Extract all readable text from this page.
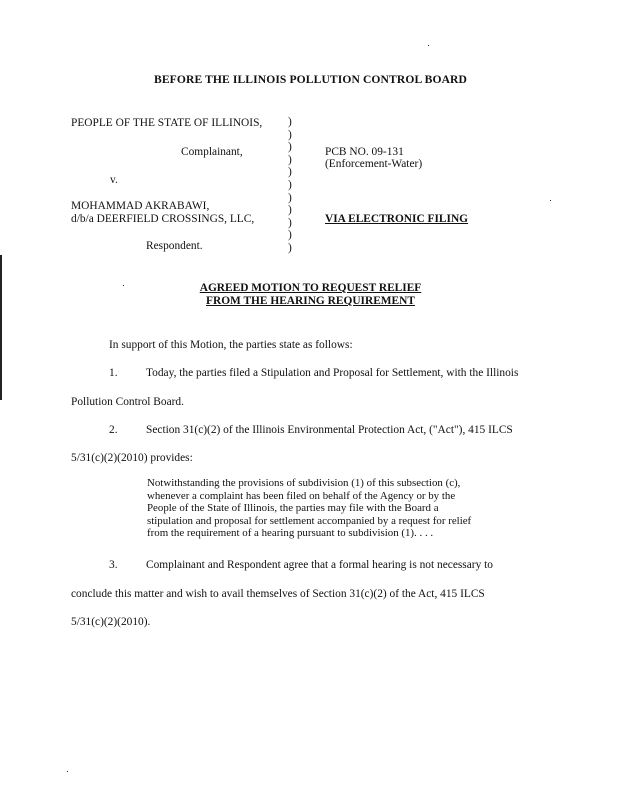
BEFORE THE ILLINOIS POLLUTION CONTROL BOARD
PEOPLE OF THE STATE OF ILLINOIS,
Complainant,
v.
MOHAMMAD AKRABAWI,
d/b/a DEERFIELD CROSSINGS, LLC,
Respondent.
)
)
)
)
)
)
)
)
)
)
)
PCB NO. 09-131
(Enforcement-Water)
VIA ELECTRONIC FILING
AGREED MOTION TO REQUEST RELIEF
FROM THE HEARING REQUIREMENT
In support of this Motion, the parties state as follows:
1. Today, the parties filed a Stipulation and Proposal for Settlement, with the Illinois
Pollution Control Board.
2. Section 31(c)(2) of the Illinois Environmental Protection Act, ("Act"), 415 ILCS
5/31(c)(2)(2010) provides:
Notwithstanding the provisions of subdivision (1) of this subsection (c),
whenever a complaint has been filed on behalf of the Agency or by the
People of the State of Illinois, the parties may file with the Board a
stipulation and proposal for settlement accompanied by a request for relief
from the requirement of a hearing pursuant to subdivision (1). . . .
3. Complainant and Respondent agree that a formal hearing is not necessary to
conclude this matter and wish to avail themselves of Section 31(c)(2) of the Act, 415 ILCS
5/31(c)(2)(2010).
